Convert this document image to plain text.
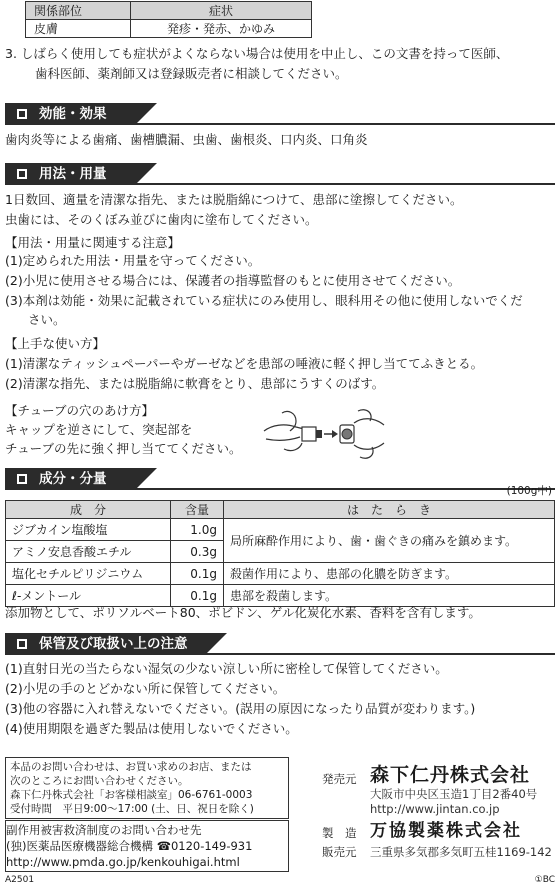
関係部位	症状
皮膚	発疹・発赤、かゆみ
3. しばらく使用しても症状がよくならない場合は使用を中止し、この文書を持って医師、
歯科医師、薬剤師又は登録販売者に相談してください。
効能・効果
歯肉炎等による歯痛、歯槽膿漏、虫歯、歯根炎、口内炎、口角炎
用法・用量
1日数回、適量を清潔な指先、または脱脂綿につけて、患部に塗擦してください。
虫歯には、そのくぼみ並びに歯肉に塗布してください。
【用法・用量に関連する注意】
(1)定められた用法・用量を守ってください。
(2)小児に使用させる場合には、保護者の指導監督のもとに使用させてください。
(3)本剤は効能・効果に記載されている症状にのみ使用し、眼科用その他に使用しないでくだ
さい。
【上手な使い方】
(1)清潔なティッシュペーパーやガーゼなどを患部の唾液に軽く押し当ててふきとる。
(2)清潔な指先、または脱脂綿に軟膏をとり、患部にうすくのばす。
【チューブの穴のあけ方】
キャップを逆さにして、突起部を
チューブの先に強く押し当ててください。
成分・分量
(100g中)
成　分	含量	は　た　ら　き
ジブカイン塩酸塩	1.0g	局所麻酔作用により、歯・歯ぐきの痛みを鎮めます。
アミノ安息香酸エチル	0.3g	
塩化セチルピリジニウム	0.1g	殺菌作用により、患部の化膿を防ぎます。
ℓ-メントール	0.1g	患部を殺菌します。
添加物として、ポリソルベート80、ポビドン、ゲル化炭化水素、香料を含有します。
保管及び取扱い上の注意
(1)直射日光の当たらない湿気の少ない涼しい所に密栓して保管してください。
(2)小児の手のとどかない所に保管してください。
(3)他の容器に入れ替えないでください。(誤用の原因になったり品質が変わります。)
(4)使用期限を過ぎた製品は使用しないでください。
本品のお問い合わせは、お買い求めのお店、または
次のところにお問い合わせください。
森下仁丹株式会社「お客様相談室」06-6761-0003
受付時間　平日9:00～17:00 (土、日、祝日を除く)
副作用被害救済制度のお問い合わせ先
(独)医薬品医療機器総合機構 ☎0120-149-931
http://www.pmda.go.jp/kenkouhigai.html
発売元 森下仁丹株式会社
大阪市中央区玉造1丁目2番40号
http://www.jintan.co.jp
製　造 万協製薬株式会社
販売元 三重県多気郡多気町五桂1169-142
A2501	①BC
